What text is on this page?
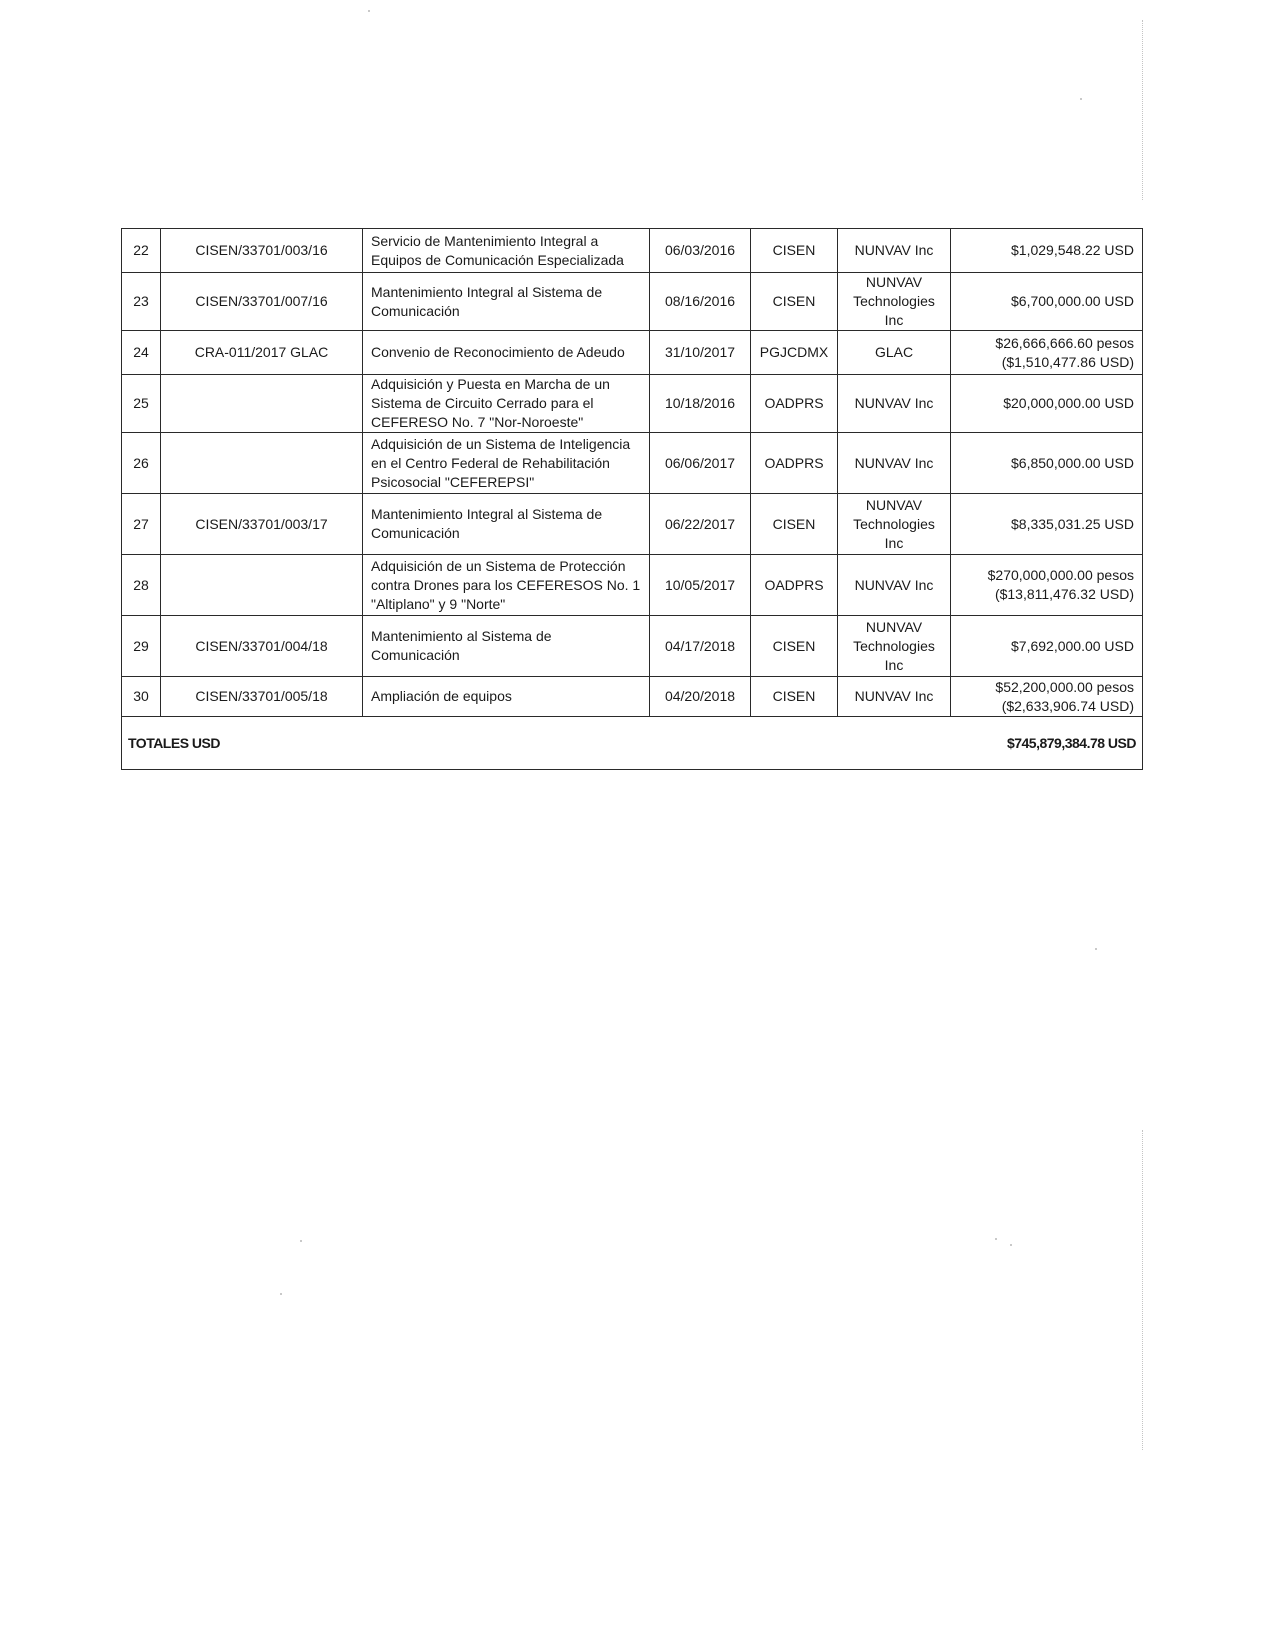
22	CISEN/33701/003/16	Servicio de Mantenimiento Integral a Equipos de Comunicación Especializada	06/03/2016	CISEN	NUNVAV Inc	$1,029,548.22 USD
23	CISEN/33701/007/16	Mantenimiento Integral al Sistema de Comunicación	08/16/2016	CISEN	NUNVAV Technologies Inc	$6,700,000.00 USD
24	CRA-011/2017 GLAC	Convenio de Reconocimiento de Adeudo	31/10/2017	PGJCDMX	GLAC	$26,666,666.60 pesos ($1,510,477.86 USD)
25		Adquisición y Puesta en Marcha de un Sistema de Circuito Cerrado para el CEFERESO No. 7 "Nor-Noroeste"	10/18/2016	OADPRS	NUNVAV Inc	$20,000,000.00 USD
26		Adquisición de un Sistema de Inteligencia en el Centro Federal de Rehabilitación Psicosocial "CEFEREPSI"	06/06/2017	OADPRS	NUNVAV Inc	$6,850,000.00 USD
27	CISEN/33701/003/17	Mantenimiento Integral al Sistema de Comunicación	06/22/2017	CISEN	NUNVAV Technologies Inc	$8,335,031.25 USD
28		Adquisición de un Sistema de Protección contra Drones para los CEFERESOS No. 1 "Altiplano" y 9 "Norte"	10/05/2017	OADPRS	NUNVAV Inc	$270,000,000.00 pesos ($13,811,476.32 USD)
29	CISEN/33701/004/18	Mantenimiento al Sistema de Comunicación	04/17/2018	CISEN	NUNVAV Technologies Inc	$7,692,000.00 USD
30	CISEN/33701/005/18	Ampliación de equipos	04/20/2018	CISEN	NUNVAV Inc	$52,200,000.00 pesos ($2,633,906.74 USD)
TOTALES USD	$745,879,384.78 USD
